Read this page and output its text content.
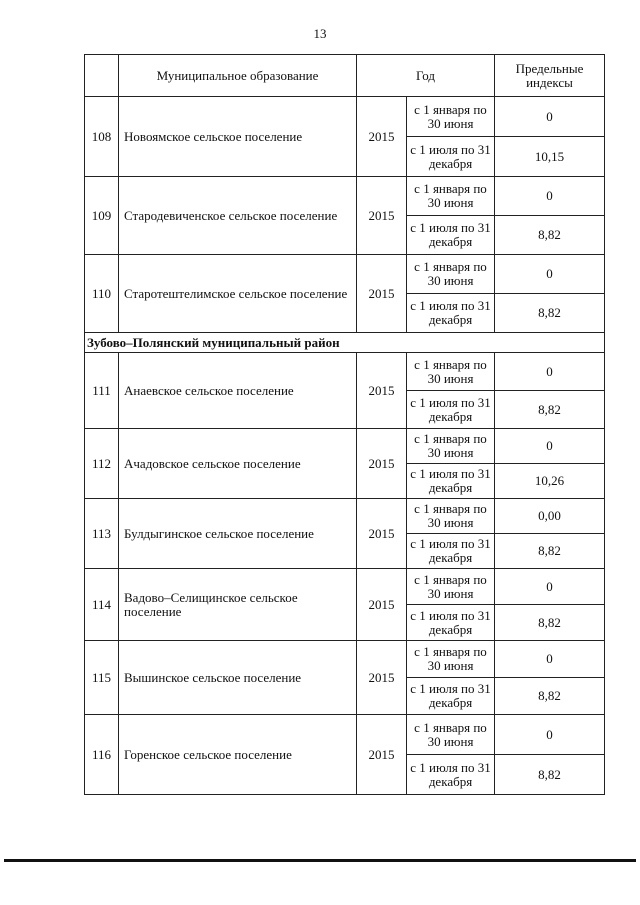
13
	Муниципальное образование	Год		Предельные индексы
108	Новоямское сельское поселение	2015	с 1 января по 30 июня	0
			с 1 июля по 31 декабря	10,15
109	Стародевиченское сельское поселение	2015	с 1 января по 30 июня	0
			с 1 июля по 31 декабря	8,82
110	Старотештелимское сельское поселение	2015	с 1 января по 30 июня	0
			с 1 июля по 31 декабря	8,82
Зубово–Полянский муниципальный район				
111	Анаевское сельское поселение	2015	с 1 января по 30 июня	0
			с 1 июля по 31 декабря	8,82
112	Ачадовское сельское поселение	2015	с 1 января по 30 июня	0
			с 1 июля по 31 декабря	10,26
113	Булдыгинское сельское поселение	2015	с 1 января по 30 июня	0,00
			с 1 июля по 31 декабря	8,82
114	Вадово–Селищинское сельское поселение	2015	с 1 января по 30 июня	0
			с 1 июля по 31 декабря	8,82
115	Вышинское сельское поселение	2015	с 1 января по 30 июня	0
			с 1 июля по 31 декабря	8,82
116	Горенское сельское поселение	2015	с 1 января по 30 июня	0
			с 1 июля по 31 декабря	8,82
